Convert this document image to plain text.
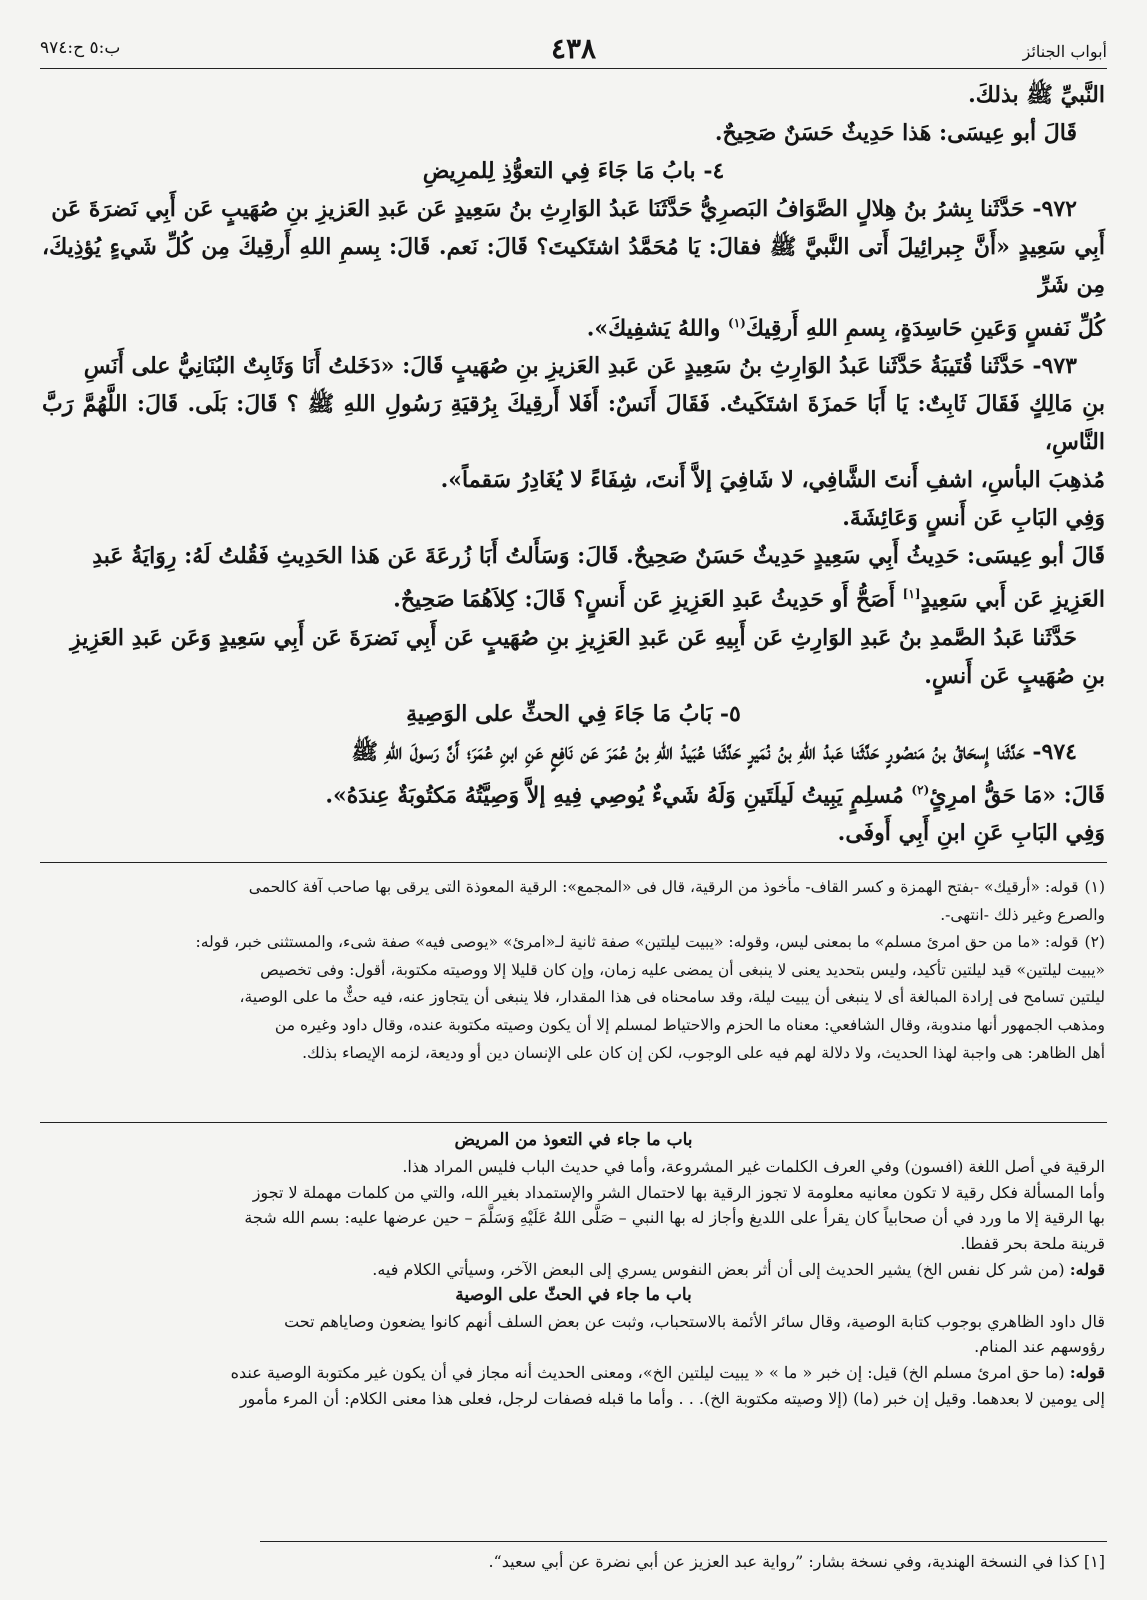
أبواب الجنائز
٤٣٨
ب:٥ ح:٩٧٤

النَّبيِّ ﷺ بذلكَ.

قَالَ أبو عِيسَى: هَذا حَدِيثٌ حَسَنٌ صَحِيحٌ.

٤- بابُ مَا جَاءَ فِي التعوُّذِ لِلمرِيضِ

٩٧٢- حَدَّثَنا بِشرُ بنُ هِلالٍ الصَّوَافُ البَصرِيُّ حَدَّثَنَا عَبدُ الوَارِثِ بنُ سَعِيدٍ عَن عَبدِ العَزيزِ بنِ صُهَيبٍ عَن أَبِي نَضرَةَ عَن

أَبِي سَعِيدٍ «أَنَّ جِبرائِيلَ أَتى النَّبيَّ ﷺ فقالَ: يَا مُحَمَّدُ اشتَكيتَ؟ قَالَ: نَعم. قَالَ: بِسمِ اللهِ أَرقِيكَ مِن كُلِّ شَيءٍ يُؤذِيكَ، مِن شَرِّ

كُلِّ نَفسٍ وَعَينِ حَاسِدَةٍ، بِسمِ اللهِ أَرقِيكَ$^{(١)}$ واللهُ يَشفِيكَ».

٩٧٣- حَدَّثَنا قُتَيبَةُ حَدَّثَنا عَبدُ الوَارِثِ بنُ سَعِيدٍ عَن عَبدِ العَزيزِ بنِ صُهَيبٍ قَالَ: «دَخَلتُ أَنَا وَثَابِتٌ البُنَانِيُّ على أَنَسِ

بنِ مَالِكٍ فَقَالَ ثَابِتٌ: يَا أَبَا حَمزَةَ اشتَكَيتُ. فَقَالَ أَنَسٌ: أَفَلا أَرقِيكَ بِرُقيَةِ رَسُولِ اللهِ ﷺ ؟ قَالَ: بَلَى. قَالَ: اللَّهُمَّ رَبَّ النَّاسِ،

مُذهِبَ البأسِ، اشفِ أَنتَ الشَّافِي، لا شَافِيَ إلاَّ أَنتَ، شِفَاءً لا يُغَادِرُ سَقماً».

وَفِي البَابِ عَن أَنسٍ وَعَائِشَةَ.

قَالَ أبو عِيسَى: حَدِيثُ أَبِي سَعِيدٍ حَدِيثٌ حَسَنٌ صَحِيحٌ. قَالَ: وَسَأَلتُ أَبَا زُرعَةَ عَن هَذا الحَدِيثِ فَقُلتُ لَهُ: رِوَايَةُ عَبدِ

العَزِيزِ عَن أَبي سَعِيدٍ[١] أَصَحُّ أَو حَدِيثُ عَبدِ العَزِيزِ عَن أَنسٍ؟ قَالَ: كِلاَهُمَا صَحِيحٌ.

حَدَّثَنا عَبدُ الصَّمدِ بنُ عَبدِ الوَارِثِ عَن أَبِيهِ عَن عَبدِ العَزِيزِ بنِ صُهَيبٍ عَن أَبِي نَضرَةَ عَن أَبِي سَعِيدٍ وَعَن عَبدِ العَزِيزِ

بنِ صُهَيبٍ عَن أَنسٍ.

٥- بَابُ مَا جَاءَ فِي الحثِّ على الوَصِيةِ

٩٧٤- حَدَّثَنا إِسحَاقُ بنُ مَنصُورٍ حَدَّثَنا عَبدُ اللهِ بنُ نُمَيرٍ حَدَّثَنا عُبَيدُ اللهِ بنُ عُمَرَ عَن نَافِعٍ عَنِ ابنِ عُمَرَ؛ أَنَّ رَسولَ اللهِ ﷺ

قَالَ: «مَا حَقُّ امرِئٍ$^{(٢)}$ مُسلِمٍ يَبِيتُ لَيلَتَينِ وَلَهُ شَيءٌ يُوصِي فِيهِ إلاَّ وَصِيَّتُهُ مَكتُوبَةٌ عِندَهُ».

وَفِي البَابِ عَنِ ابنِ أَبِي أَوفَى.

(١)قوله: «أرقيك» -بفتح الهمزة و كسر القاف- مأخوذ من الرقية، قال فى «المجمع»: الرقية المعوذة التى يرقى بها صاحب آفة كالحمى

والصرع وغير ذلك -انتهى-.

(٢)قوله: «ما من حق امرئ مسلم» ما بمعنى ليس، وقوله: «يبيت ليلتين» صفة ثانية لـ«امرئ» «يوصى فيه» صفة شىء، والمستثنى خبر، قوله:

«يبيت ليلتين» قيد ليلتين تأكيد، وليس بتحديد يعنى لا ينبغى أن يمضى عليه زمان، وإن كان قليلا إلا ووصيته مكتوبة، أقول: وفى تخصيص

ليلتين تسامح فى إرادة المبالغة أى لا ينبغى أن يبيت ليلة، وقد سامحناه فى هذا المقدار، فلا ينبغى أن يتجاوز عنه، فيه حثٌّ ما على الوصية،

ومذهب الجمهور أنها مندوبة، وقال الشافعي: معناه ما الحزم والاحتياط لمسلم إلا أن يكون وصيته مكتوبة عنده، وقال داود وغيره من

أهل الظاهر: هى واجبة لهذا الحديث، ولا دلالة لهم فيه على الوجوب، لكن إن كان على الإنسان دين أو وديعة، لزمه الإيصاء بذلك.

باب ما جاء في التعوذ من المريض

الرقية في أصل اللغة (افسون) وفي العرف الكلمات غير المشروعة، وأما في حديث الباب فليس المراد هذا.

وأما المسألة فكل رقية لا تكون معانيه معلومة لا تجوز الرقية بها لاحتمال الشر والإستمداد بغير الله، والتي من كلمات مهملة لا تجوز

بها الرقية إلا ما ورد في أن صحابياً كان يقرأ على اللديغ وأجاز له بها النبي – صَلَّى اللهُ عَلَيْهِ وَسَلَّمَ – حين عرضها عليه: بسم الله شجة

قرينة ملحة بحر قفطا.

قوله: (من شر كل نفس الخ) يشير الحديث إلى أن أثر بعض النفوس يسري إلى البعض الآخر، وسيأتي الكلام فيه.

باب ما جاء في الحثّ على الوصية

قال داود الظاهري بوجوب كتابة الوصية، وقال سائر الأئمة بالاستحباب، وثبت عن بعض السلف أنهم كانوا يضعون وصاياهم تحت

رؤوسهم عند المنام.

قوله: (ما حق امرئ مسلم الخ) قيل: إن خبر « ما » « يبيت ليلتين الخ»، ومعنى الحديث أنه مجاز في أن يكون غير مكتوبة الوصية عنده

إلى يومين لا بعدهما. وقيل إن خبر (ما) (إلا وصيته مكتوبة الخ). . . وأما ما قبله فصفات لرجل، فعلى هذا معنى الكلام: أن المرء مأمور

[١] كذا في النسخة الهندية، وفي نسخة بشار: ”رواية عبد العزيز عن أبي نضرة عن أبي سعيد“.
